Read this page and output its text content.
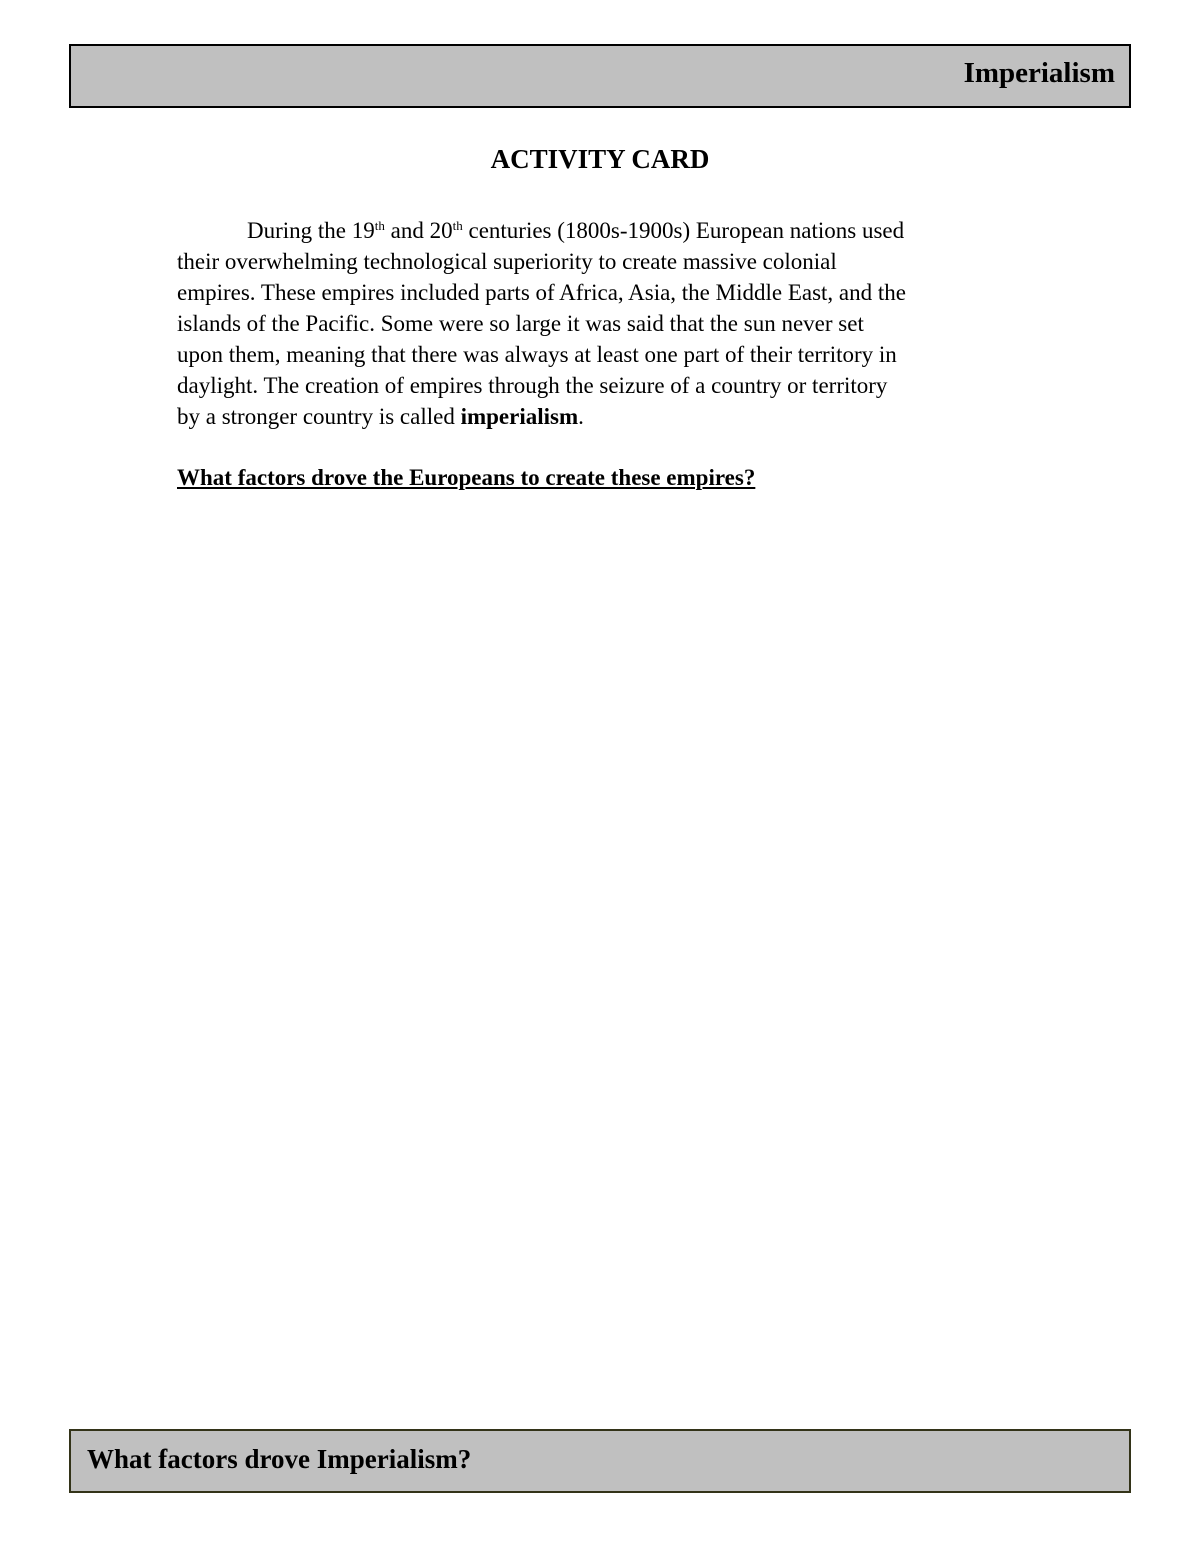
Imperialism
ACTIVITY CARD

During the 19th and 20th centuries (1800s-1900s) European nations used
their overwhelming technological superiority to create massive colonial
empires. These empires included parts of Africa, Asia, the Middle East, and the
islands of the Pacific. Some were so large it was said that the sun never set
upon them, meaning that there was always at least one part of their territory in
daylight. The creation of empires through the seizure of a country or territory
by a stronger country is called imperialism.

What factors drove the Europeans to create these empires?
What factors drove Imperialism?
